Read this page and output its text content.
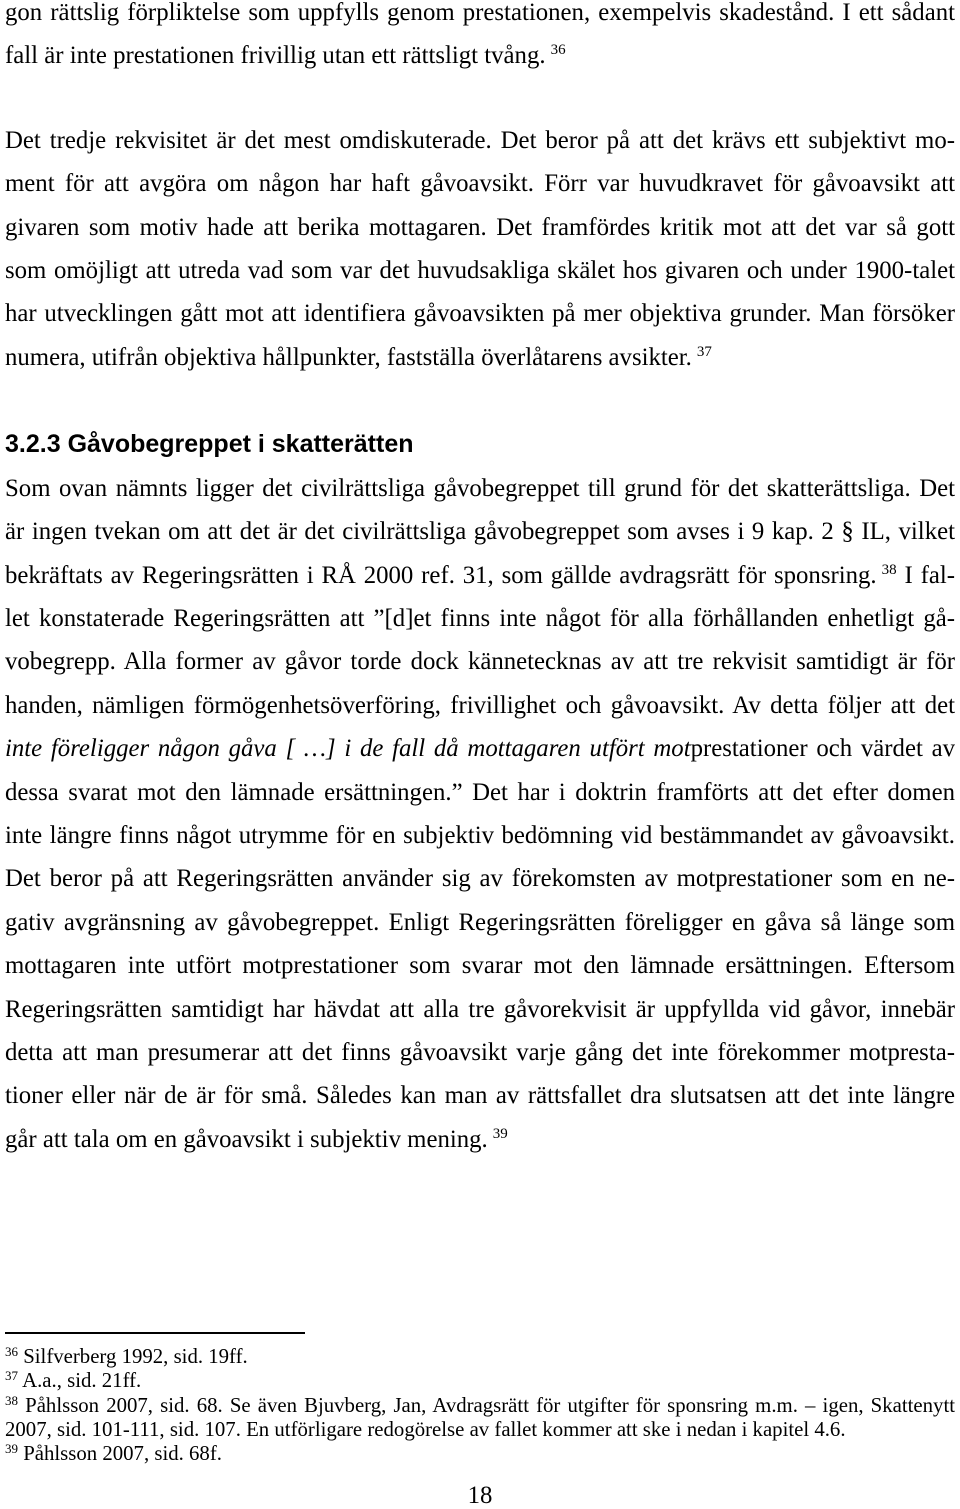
gon rättslig förpliktelse som uppfylls genom prestationen, exempelvis skadestånd. I ett sådant
fall är inte prestationen frivillig utan ett rättsligt tvång. $^{36}$
Det tredje rekvisitet är det mest omdiskuterade. Det beror på att det krävs ett subjektivt mo-
ment för att avgöra om någon har haft gåvoavsikt. Förr var huvudkravet för gåvoavsikt att
givaren som motiv hade att berika mottagaren. Det framfördes kritik mot att det var så gott
som omöjligt att utreda vad som var det huvudsakliga skälet hos givaren och under 1900-talet
har utvecklingen gått mot att identifiera gåvoavsikten på mer objektiva grunder. Man försöker
numera, utifrån objektiva hållpunkter, fastställa överlåtarens avsikter. $^{37}$
3.2.3 Gåvobegreppet i skatterätten
Som ovan nämnts ligger det civilrättsliga gåvobegreppet till grund för det skatterättsliga. Det
är ingen tvekan om att det är det civilrättsliga gåvobegreppet som avses i 9 kap. 2 § IL, vilket
bekräftats av Regeringsrätten i RÅ 2000 ref. 31, som gällde avdragsrätt för sponsring. $^{38}$ I fal-
let konstaterade Regeringsrätten att ”[d]et finns inte något för alla förhållanden enhetligt gå-
vobegrepp. Alla former av gåvor torde dock kännetecknas av att tre rekvisit samtidigt är för
handen, nämligen förmögenhetsöverföring, frivillighet och gåvoavsikt. Av detta följer att det
inte föreligger någon gåva [ …] i de fall då mottagaren utfört motprestationer och värdet av
dessa svarat mot den lämnade ersättningen.” Det har i doktrin framförts att det efter domen
inte längre finns något utrymme för en subjektiv bedömning vid bestämmandet av gåvoavsikt.
Det beror på att Regeringsrätten använder sig av förekomsten av motprestationer som en ne-
gativ avgränsning av gåvobegreppet. Enligt Regeringsrätten föreligger en gåva så länge som
mottagaren inte utfört motprestationer som svarar mot den lämnade ersättningen. Eftersom
Regeringsrätten samtidigt har hävdat att alla tre gåvorekvisit är uppfyllda vid gåvor, innebär
detta att man presumerar att det finns gåvoavsikt varje gång det inte förekommer motpresta-
tioner eller när de är för små. Således kan man av rättsfallet dra slutsatsen att det inte längre
går att tala om en gåvoavsikt i subjektiv mening. $^{39}$
$^{36}$ Silfverberg 1992, sid. 19ff.
$^{37}$ A.a., sid. 21ff.
$^{38}$ Påhlsson 2007, sid. 68. Se även Bjuvberg, Jan, Avdragsrätt för utgifter för sponsring m.m. – igen, Skattenytt
2007, sid. 101-111, sid. 107. En utförligare redogörelse av fallet kommer att ske i nedan i kapitel 4.6.
$^{39}$ Påhlsson 2007, sid. 68f.
18
